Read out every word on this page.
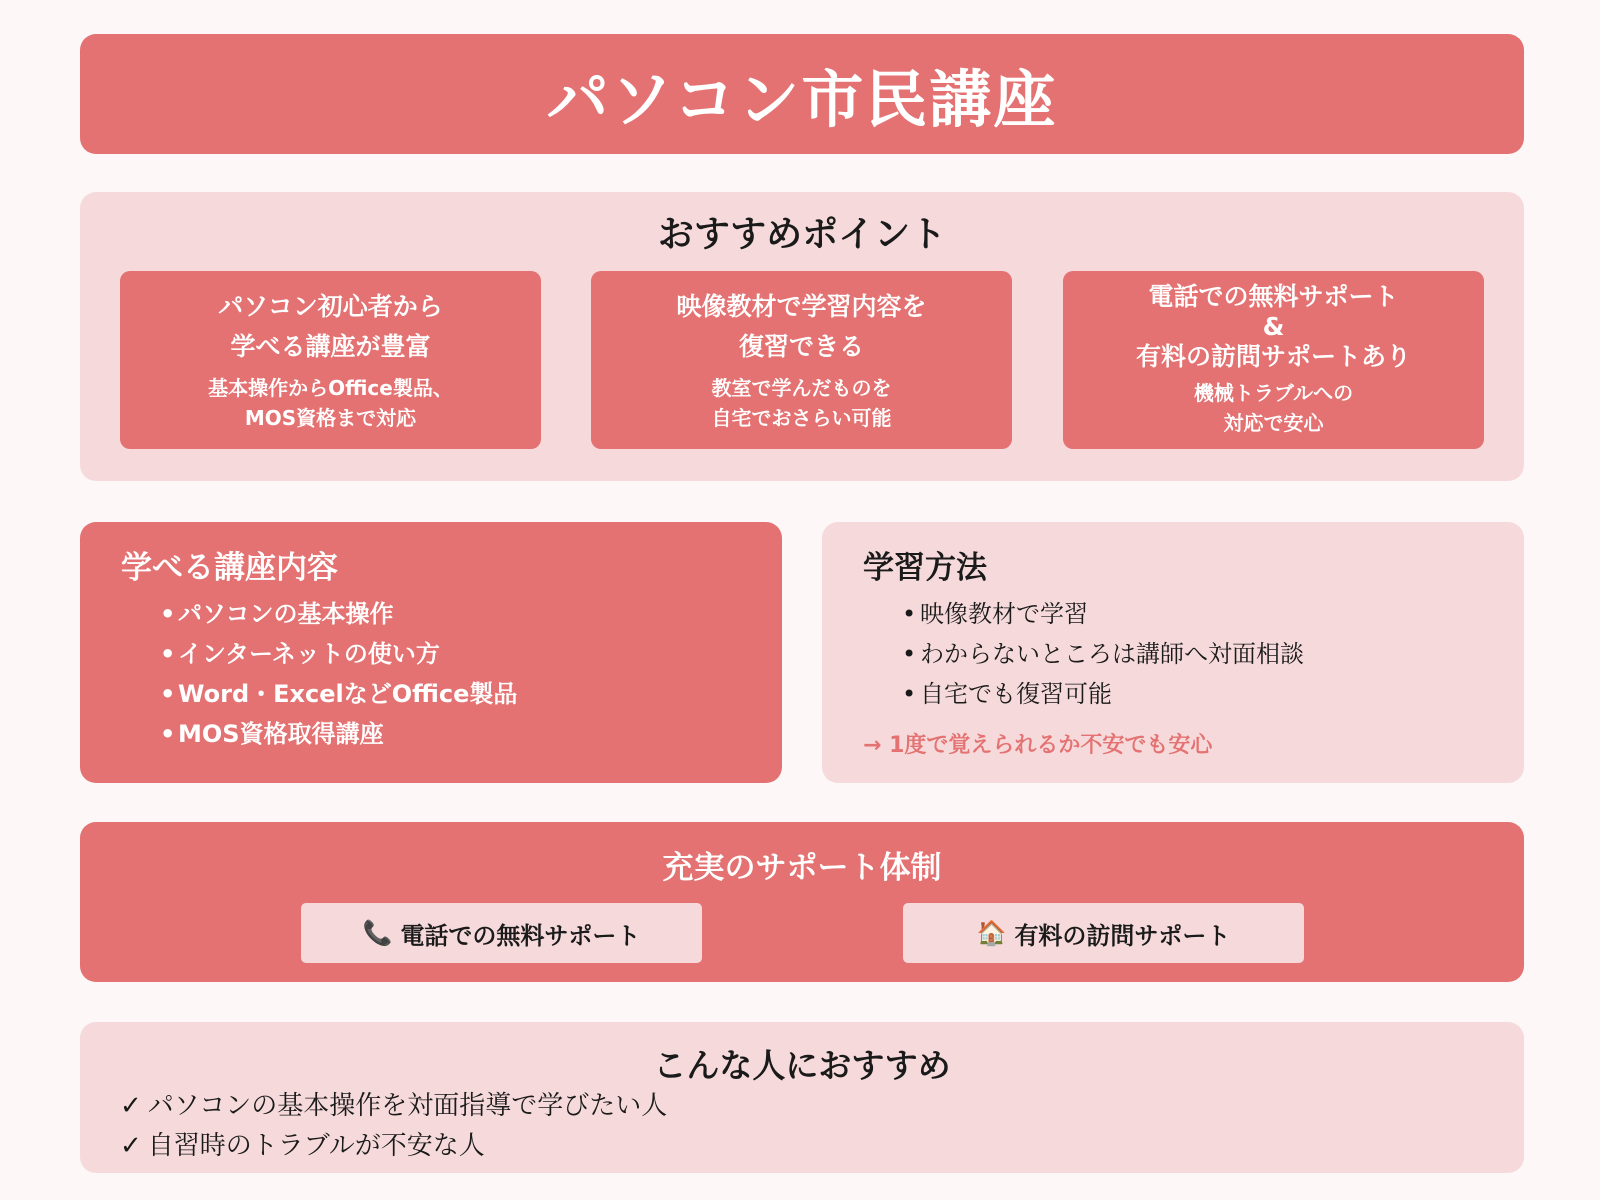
パソコン市民講座
おすすめポイント
パソコン初心者から
学べる講座が豊富
基本操作からOffice製品、
MOS資格まで対応
映像教材で学習内容を
復習できる
教室で学んだものを
自宅でおさらい可能
電話での無料サポート
&
有料の訪問サポートあり
機械トラブルへの
対応で安心
学べる講座内容
• パソコンの基本操作
• インターネットの使い方
• Word・ExcelなどOffice製品
• MOS資格取得講座
学習方法
• 映像教材で学習
• わからないところは講師へ対面相談
• 自宅でも復習可能
→ 1度で覚えられるか不安でも安心
充実のサポート体制
📞 電話での無料サポート	🏠 有料の訪問サポート
こんな人におすすめ
✓ パソコンの基本操作を対面指導で学びたい人
✓ 自習時のトラブルが不安な人
